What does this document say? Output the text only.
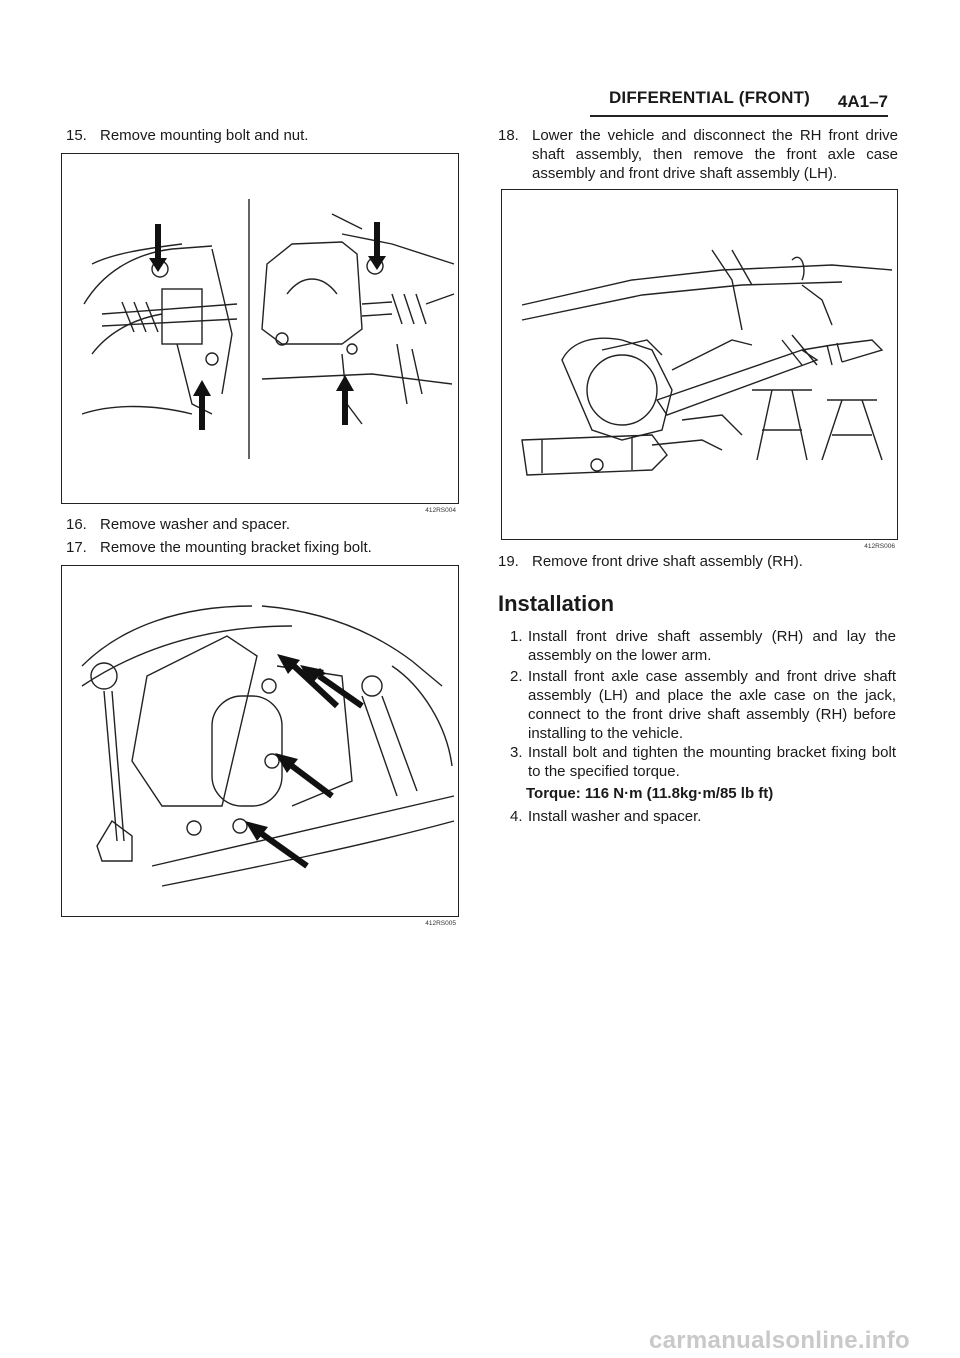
DIFFERENTIAL (FRONT) 4A1–7
15. Remove mounting bolt and nut.
412RS004
16. Remove washer and spacer.
17. Remove the mounting bracket fixing bolt.
412RS005
18. Lower the vehicle and disconnect the RH front drive shaft assembly, then remove the front axle case assembly and front drive shaft assembly (LH).
412RS006
19. Remove front drive shaft assembly (RH).
Installation
1. Install front drive shaft assembly (RH) and lay the assembly on the lower arm.
2. Install front axle case assembly and front drive shaft assembly (LH) and place the axle case on the jack, connect to the front drive shaft assembly (RH) before installing to the vehicle.
3. Install bolt and tighten the mounting bracket fixing bolt to the specified torque.
Torque: 116 N·m (11.8kg·m/85 lb ft)
4. Install washer and spacer.
carmanualsonline.info
